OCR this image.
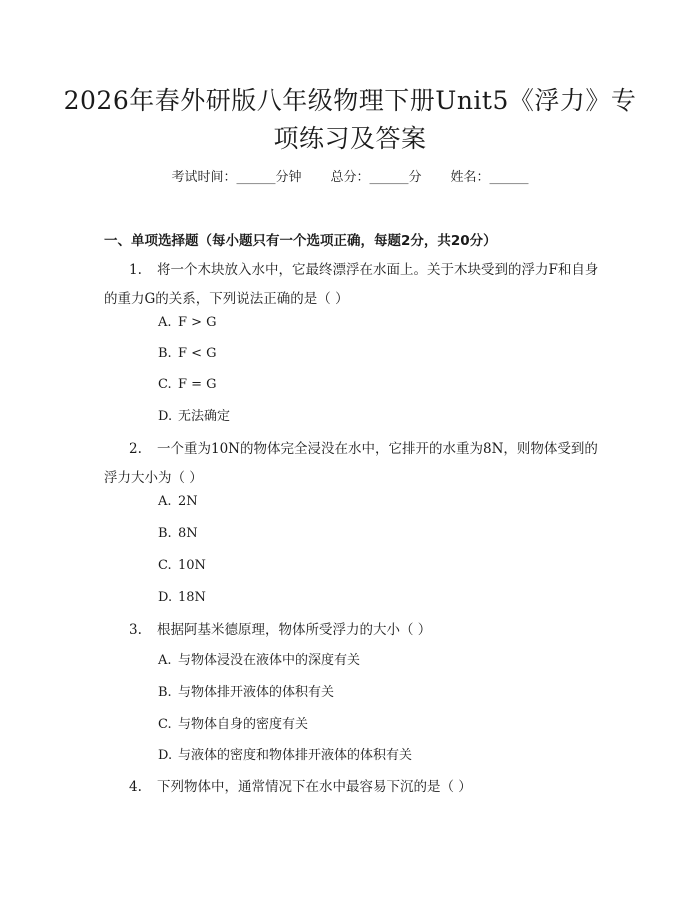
2026年春外研版八年级物理下册Unit5《浮力》专项练习及答案
考试时间：______分钟 总分：______分 姓名：______
一、单项选择题（每小题只有一个选项正确，每题2分，共20分）
1. 将一个木块放入水中，它最终漂浮在水面上。关于木块受到的浮力F和自身的重力G的关系，下列说法正确的是（ ）
A. F > G
B. F < G
C. F = G
D. 无法确定
2. 一个重为10N的物体完全浸没在水中，它排开的水重为8N，则物体受到的浮力大小为（ ）
A. 2N
B. 8N
C. 10N
D. 18N
3. 根据阿基米德原理，物体所受浮力的大小（ ）
A. 与物体浸没在液体中的深度有关
B. 与物体排开液体的体积有关
C. 与物体自身的密度有关
D. 与液体的密度和物体排开液体的体积有关
4. 下列物体中，通常情况下在水中最容易下沉的是（ ）
